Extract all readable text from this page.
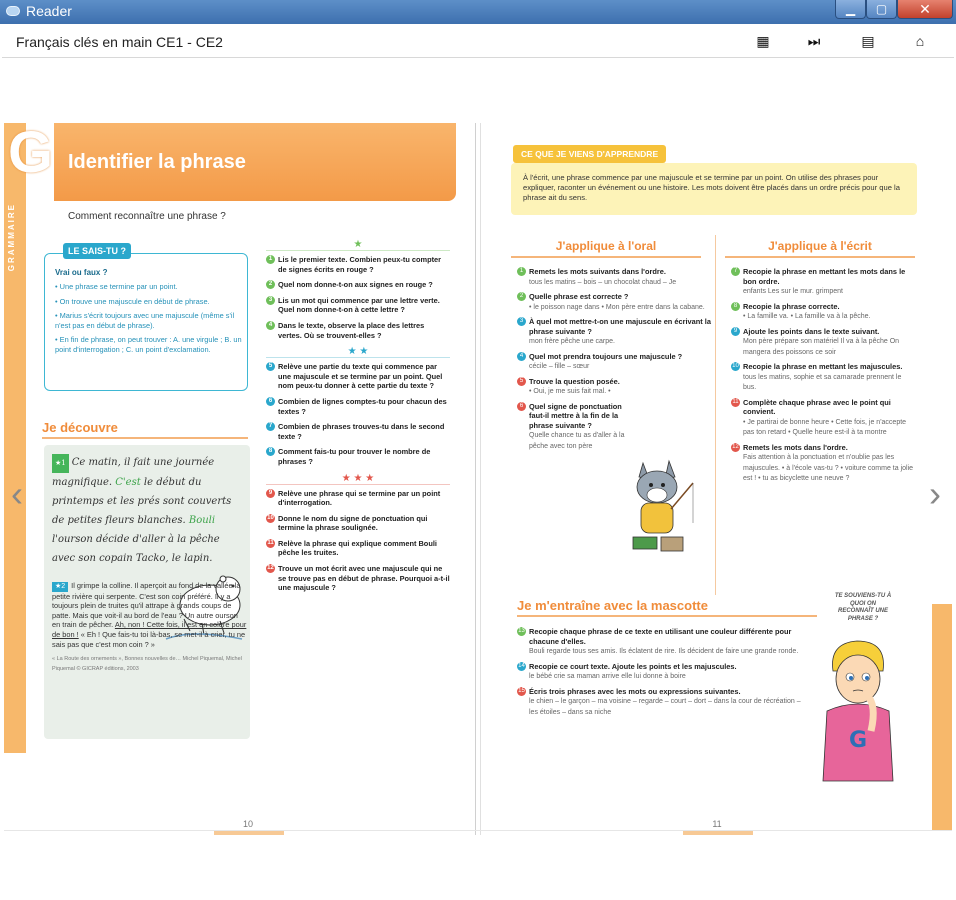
Reader	▁	▢	✕
Français clés en main CE1 - CE2	▦	⏭	▤	⌂
GRAMMAIRE
G Identifier la phrase
Comment reconnaître une phrase ?
LE SAIS-TU ?
Vrai ou faux ?
• Une phrase se termine par un point.
• On trouve une majuscule en début de phrase.
• Marius s'écrit toujours avec une majuscule (même s'il n'est pas en début de phrase).
• En fin de phrase, on peut trouver : A. une virgule ; B. un point d'interrogation ; C. un point d'exclamation.
Je découvre
★1 Ce matin, il fait une journée magnifique. C'est le début du printemps et les prés sont couverts de petites fleurs blanches. Bouli l'ourson décide d'aller à la pêche avec son copain Tacko, le lapin.
★2 Il grimpe la colline. Il aperçoit au fond de la vallée la petite rivière qui serpente. C'est son coin préféré. Il y a toujours plein de truites qu'il attrape à grands coups de patte. Mais que voit-il au bord de l'eau ? Un autre ourson en train de pêcher. Ah, non ! Cette fois, il est en colère pour de bon ! « Eh ! Que fais-tu toi là-bas, se met-il à crier, tu ne sais pas que c'est mon coin ? »
« La Route des ornements », Bonnes nouvelles de… Michel Piquemal, Michel Piquemal © GICRAP éditions, 2003
★
1 Lis le premier texte. Combien peux-tu compter de signes écrits en rouge ?
2 Quel nom donne-t-on aux signes en rouge ?
3 Lis un mot qui commence par une lettre verte. Quel nom donne-t-on à cette lettre ?
4 Dans le texte, observe la place des lettres vertes. Où se trouvent-elles ?
★ ★
5 Relève une partie du texte qui commence par une majuscule et se termine par un point. Quel nom peux-tu donner à cette partie du texte ?
6 Combien de lignes comptes-tu pour chacun des textes ?
7 Combien de phrases trouves-tu dans le second texte ?
8 Comment fais-tu pour trouver le nombre de phrases ?
★ ★ ★
9 Relève une phrase qui se termine par un point d'interrogation.
10 Donne le nom du signe de ponctuation qui termine la phrase soulignée.
11 Relève la phrase qui explique comment Bouli pêche les truites.
12 Trouve un mot écrit avec une majuscule qui ne se trouve pas en début de phrase. Pourquoi a-t-il une majuscule ?
10
CE QUE JE VIENS D'APPRENDRE
À l'écrit, une phrase commence par une majuscule et se termine par un point. On utilise des phrases pour expliquer, raconter un événement ou une histoire. Les mots doivent être placés dans un ordre précis pour que la phrase ait du sens.
J'applique à l'oral	J'applique à l'écrit
1 Remets les mots suivants dans l'ordre.
tous les matins – bois – un chocolat chaud – Je
2 Quelle phrase est correcte ?
• le poisson nage dans • Mon père entre dans la cabane.
3 À quel mot mettre-t-on une majuscule en écrivant la phrase suivante ?
mon frère pêche une carpe.
4 Quel mot prendra toujours une majuscule ?
cécile – fille – sœur
5 Trouve la question posée.
• Oui, je me suis fait mal. •
6 Quel signe de ponctuation faut-il mettre à la fin de la phrase suivante ?
Quelle chance tu as d'aller à la pêche avec ton père
7 Recopie la phrase en mettant les mots dans le bon ordre.
enfants Les sur le mur. grimpent
8 Recopie la phrase correcte.
• La famille va. • La famille va à la pêche.
9 Ajoute les points dans le texte suivant.
Mon père prépare son matériel Il va à la pêche On mangera des poissons ce soir
10 Recopie la phrase en mettant les majuscules.
tous les matins, sophie et sa camarade prennent le bus.
11 Complète chaque phrase avec le point qui convient.
• Je partirai de bonne heure • Cette fois, je n'accepte pas ton retard • Quelle heure est-il à ta montre
12 Remets les mots dans l'ordre.
Fais attention à la ponctuation et n'oublie pas les majuscules. • à l'école vas-tu ? • voiture comme ta jolie est ! • tu as bicyclette une neuve ?
Je m'entraîne avec la mascotte
13 Recopie chaque phrase de ce texte en utilisant une couleur différente pour chacune d'elles.
Bouli regarde tous ses amis. Ils éclatent de rire. Ils décident de faire une grande ronde.
14 Recopie ce court texte. Ajoute les points et les majuscules.
le bébé crie sa maman arrive elle lui donne à boire
15 Écris trois phrases avec les mots ou expressions suivantes.
le chien – le garçon – ma voisine – regarde – court – dort – dans la cour de récréation – les étoiles – dans sa niche
TE SOUVIENS-TU À QUOI ON RECONNAÎT UNE PHRASE ?
G
11
‹	›
